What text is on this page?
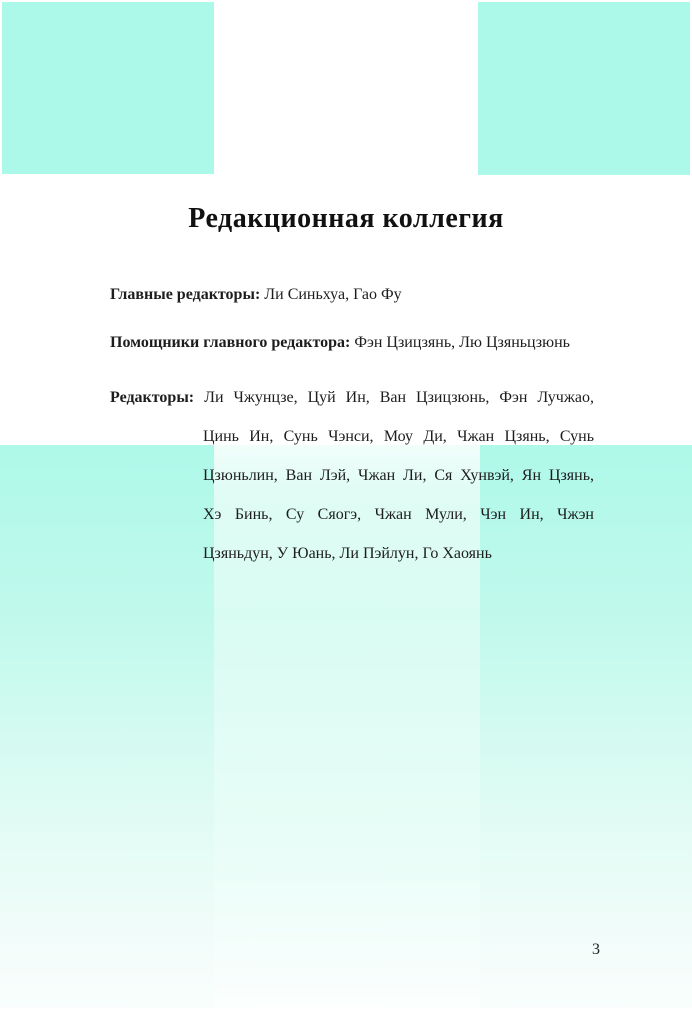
Редакционная коллегия
Главные редакторы: Ли Синьхуа, Гао Фу
Помощники главного редактора: Фэн Цзицзянь, Лю Цзяньцзюнь
Редакторы: Ли Чжунцзе, Цуй Ин, Ван Цзицзюнь, Фэн Лучжао,
Цинь Ин, Сунь Чэнси, Моу Ди, Чжан Цзянь, Сунь
Цзюньлин, Ван Лэй, Чжан Ли, Ся Хунвэй, Ян Цзянь,
Хэ Бинь, Су Сяогэ, Чжан Мули, Чэн Ин, Чжэн
Цзяньдун, У Юань, Ли Пэйлун, Го Хаоянь
3
